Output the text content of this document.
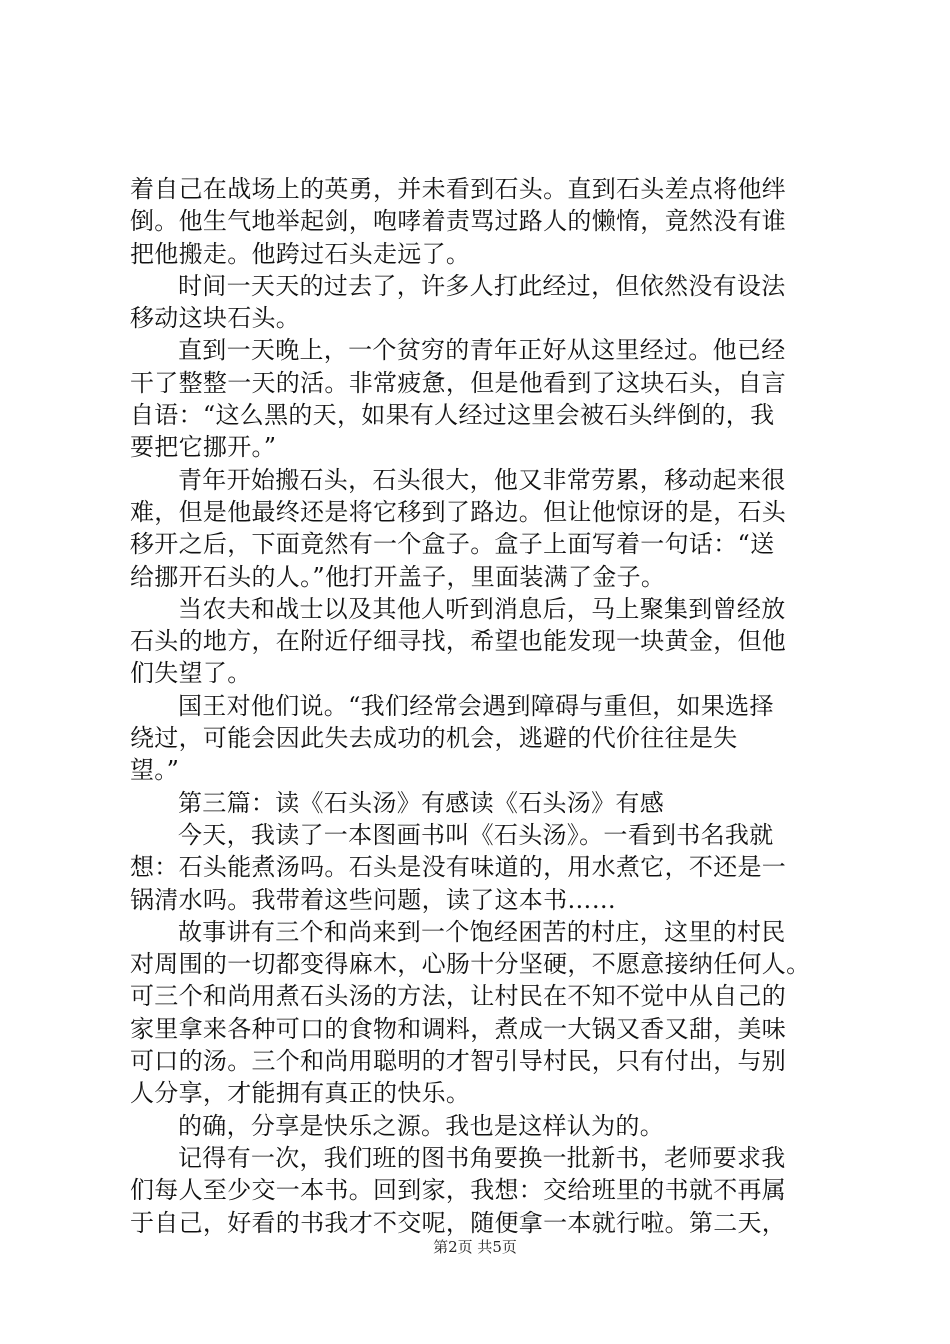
着自己在战场上的英勇，并未看到石头。直到石头差点将他绊
倒。他生气地举起剑，咆哮着责骂过路人的懒惰，竟然没有谁
把他搬走。他跨过石头走远了。
时间一天天的过去了，许多人打此经过，但依然没有设法
移动这块石头。
直到一天晚上，一个贫穷的青年正好从这里经过。他已经
干了整整一天的活。非常疲惫，但是他看到了这块石头，自言
自语：“这么黑的天，如果有人经过这里会被石头绊倒的，我
要把它挪开。”
青年开始搬石头，石头很大，他又非常劳累，移动起来很
难，但是他最终还是将它移到了路边。但让他惊讶的是，石头
移开之后，下面竟然有一个盒子。盒子上面写着一句话：“送
给挪开石头的人。”他打开盖子，里面装满了金子。
当农夫和战士以及其他人听到消息后，马上聚集到曾经放
石头的地方，在附近仔细寻找，希望也能发现一块黄金，但他
们失望了。
国王对他们说。“我们经常会遇到障碍与重但，如果选择
绕过，可能会因此失去成功的机会，逃避的代价往往是失
望。”
第三篇：读《石头汤》有感读《石头汤》有感
今天，我读了一本图画书叫《石头汤》。一看到书名我就
想：石头能煮汤吗。石头是没有味道的，用水煮它，不还是一
锅清水吗。我带着这些问题，读了这本书……
故事讲有三个和尚来到一个饱经困苦的村庄，这里的村民
对周围的一切都变得麻木，心肠十分坚硬，不愿意接纳任何人。
可三个和尚用煮石头汤的方法，让村民在不知不觉中从自己的
家里拿来各种可口的食物和调料，煮成一大锅又香又甜，美味
可口的汤。三个和尚用聪明的才智引导村民，只有付出，与别
人分享，才能拥有真正的快乐。
的确，分享是快乐之源。我也是这样认为的。
记得有一次，我们班的图书角要换一批新书，老师要求我
们每人至少交一本书。回到家，我想：交给班里的书就不再属
于自己，好看的书我才不交呢，随便拿一本就行啦。第二天，
第2页 共5页
